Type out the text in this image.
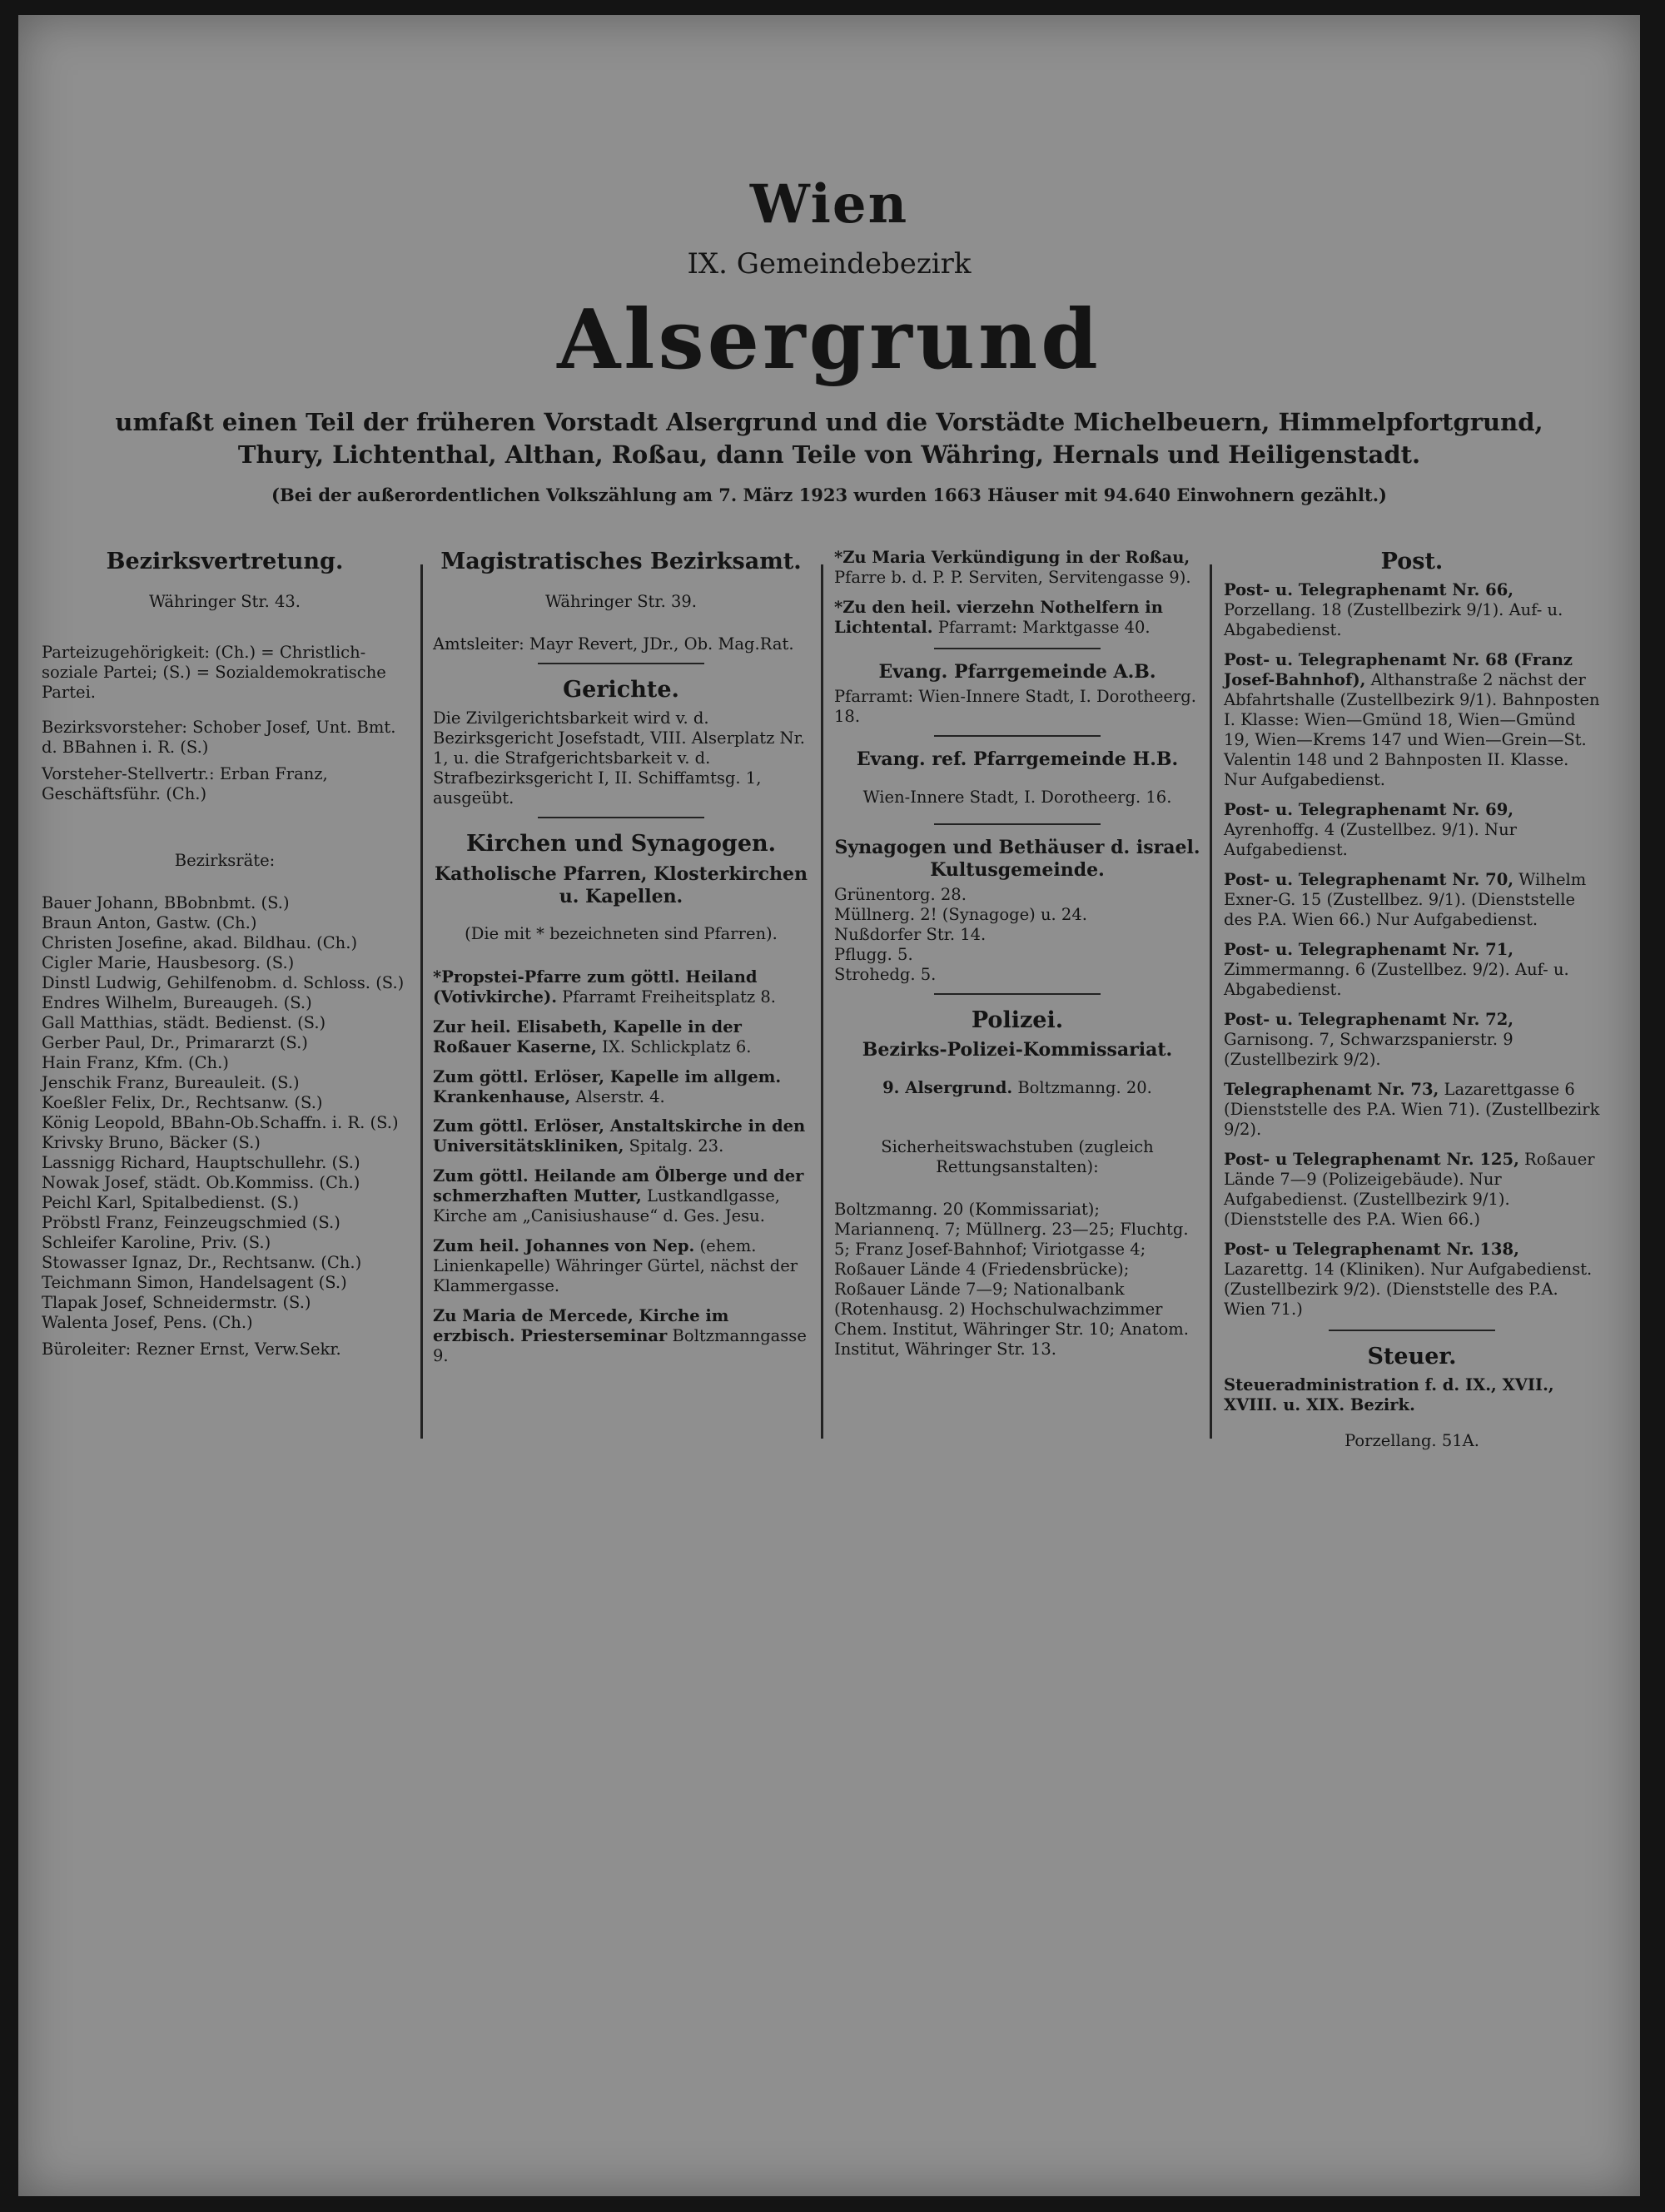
Wien

IX. Gemeindebezirk

Alsergrund

umfaßt einen Teil der früheren Vorstadt Alsergrund und die Vorstädte Michelbeuern, Himmelpfortgrund, Thury, Lichtenthal, Althan, Roßau, dann Teile von Währing, Hernals und Heiligenstadt.

(Bei der außerordentlichen Volkszählung am 7. März 1923 wurden 1663 Häuser mit 94.640 Einwohnern gezählt.)

Bezirksvertretung.

Währinger Str. 43.

Parteizugehörigkeit: (Ch.) = Christlich-soziale Partei; (S.) = Sozialdemokratische Partei.

Bezirksvorsteher: Schober Josef, Unt. Bmt. d. BBahnen i. R. (S.)

Vorsteher-Stellvertr.: Erban Franz, Geschäftsführ. (Ch.)

Bezirksräte:

Bauer Johann, BBobnbmt. (S.)

Braun Anton, Gastw. (Ch.)

Christen Josefine, akad. Bildhau. (Ch.)

Cigler Marie, Hausbesorg. (S.)

Dinstl Ludwig, Gehilfenobm. d. Schloss. (S.)

Endres Wilhelm, Bureaugeh. (S.)

Gall Matthias, städt. Bedienst. (S.)

Gerber Paul, Dr., Primararzt (S.)

Hain Franz, Kfm. (Ch.)

Jenschik Franz, Bureauleit. (S.)

Koeßler Felix, Dr., Rechtsanw. (S.)

König Leopold, BBahn-Ob.Schaffn. i. R. (S.)

Krivsky Bruno, Bäcker (S.)

Lassnigg Richard, Hauptschullehr. (S.)

Nowak Josef, städt. Ob.Kommiss. (Ch.)

Peichl Karl, Spitalbedienst. (S.)

Pröbstl Franz, Feinzeugschmied (S.)

Schleifer Karoline, Priv. (S.)

Stowasser Ignaz, Dr., Rechtsanw. (Ch.)

Teichmann Simon, Handelsagent (S.)

Tlapak Josef, Schneidermstr. (S.)

Walenta Josef, Pens. (Ch.)

Büroleiter: Rezner Ernst, Verw.Sekr.

Magistratisches Bezirksamt.

Währinger Str. 39.

Amtsleiter: Mayr Revert, JDr., Ob. Mag.Rat.

Gerichte.

Die Zivilgerichtsbarkeit wird v. d. Bezirksgericht Josefstadt, VIII. Alserplatz Nr. 1, u. die Strafgerichtsbarkeit v. d. Strafbezirksgericht I, II. Schiffamtsg. 1, ausgeübt.

Kirchen und Synagogen.

Katholische Pfarren, Klosterkirchen u. Kapellen.

(Die mit * bezeichneten sind Pfarren).

*Propstei-Pfarre zum göttl. Heiland (Votivkirche). Pfarramt Freiheitsplatz 8.

Zur heil. Elisabeth, Kapelle in der Roßauer Kaserne, IX. Schlickplatz 6.

Zum göttl. Erlöser, Kapelle im allgem. Krankenhause, Alserstr. 4.

Zum göttl. Erlöser, Anstaltskirche in den Universitätskliniken, Spitalg. 23.

Zum göttl. Heilande am Ölberge und der schmerzhaften Mutter, Lustkandlgasse, Kirche am „Canisiushause“ d. Ges. Jesu.

Zum heil. Johannes von Nep. (ehem. Linienkapelle) Währinger Gürtel, nächst der Klammergasse.

Zu Maria de Mercede, Kirche im erzbisch. Priesterseminar Boltzmanngasse 9.

*Zu Maria Verkündigung in der Roßau, Pfarre b. d. P. P. Serviten, Servitengasse 9).

*Zu den heil. vierzehn Nothelfern in Lichtental. Pfarramt: Marktgasse 40.

Evang. Pfarrgemeinde A.B.

Pfarramt: Wien-Innere Stadt, I. Dorotheerg. 18.

Evang. ref. Pfarrgemeinde H.B.

Wien-Innere Stadt, I. Dorotheerg. 16.

Synagogen und Bethäuser d. israel. Kultusgemeinde.

Grünentorg. 28.

Müllnerg. 2! (Synagoge) u. 24.

Nußdorfer Str. 14.

Pflugg. 5.

Strohedg. 5.

Polizei.

Bezirks-Polizei-Kommissariat.

9. Alsergrund. Boltzmanng. 20.

Sicherheitswachstuben (zugleich Rettungsanstalten):

Boltzmanng. 20 (Kommissariat); Mariannenq. 7; Müllnerg. 23—25; Fluchtg. 5; Franz Josef-Bahnhof; Viriotgasse 4; Roßauer Lände 4 (Friedensbrücke); Roßauer Lände 7—9; Nationalbank (Rotenhausg. 2) Hochschulwachzimmer Chem. Institut, Währinger Str. 10; Anatom. Institut, Währinger Str. 13.

Post.

Post- u. Telegraphenamt Nr. 66, Porzellang. 18 (Zustellbezirk 9/1). Auf- u. Abgabedienst.

Post- u. Telegraphenamt Nr. 68 (Franz Josef-Bahnhof), Althanstraße 2 nächst der Abfahrtshalle (Zustellbezirk 9/1). Bahnposten I. Klasse: Wien—Gmünd 18, Wien—Gmünd 19, Wien—Krems 147 und Wien—Grein—St. Valentin 148 und 2 Bahnposten II. Klasse. Nur Aufgabedienst.

Post- u. Telegraphenamt Nr. 69, Ayrenhoffg. 4 (Zustellbez. 9/1). Nur Aufgabedienst.

Post- u. Telegraphenamt Nr. 70, Wilhelm Exner-G. 15 (Zustellbez. 9/1). (Dienststelle des P.A. Wien 66.) Nur Aufgabedienst.

Post- u. Telegraphenamt Nr. 71, Zimmermanng. 6 (Zustellbez. 9/2). Auf- u. Abgabedienst.

Post- u. Telegraphenamt Nr. 72, Garnisong. 7, Schwarzspanierstr. 9 (Zustellbezirk 9/2).

Telegraphenamt Nr. 73, Lazarettgasse 6 (Dienststelle des P.A. Wien 71). (Zustellbezirk 9/2).

Post- u Telegraphenamt Nr. 125, Roßauer Lände 7—9 (Polizeigebäude). Nur Aufgabedienst. (Zustellbezirk 9/1). (Dienststelle des P.A. Wien 66.)

Post- u Telegraphenamt Nr. 138, Lazarettg. 14 (Kliniken). Nur Aufgabedienst. (Zustellbezirk 9/2). (Dienststelle des P.A. Wien 71.)

Steuer.

Steueradministration f. d. IX., XVII., XVIII. u. XIX. Bezirk.

Porzellang. 51A.
